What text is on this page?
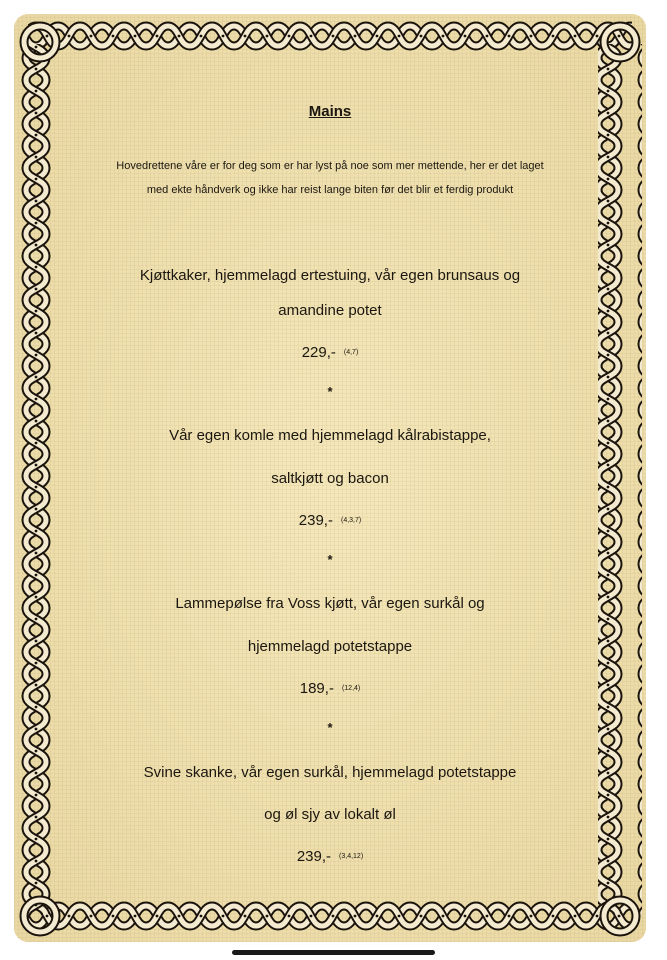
Mains
Hovedrettene våre er for deg som er har lyst på noe som mer mettende, her er det laget
med ekte håndverk og ikke har reist lange biten før det blir et ferdig produkt
Kjøttkaker, hjemmelagd ertestuing, vår egen brunsaus og
amandine potet
229,- (4,7)
*
Vår egen komle med hjemmelagd kålrabistappe,
saltkjøtt og bacon
239,- (4,3,7)
*
Lammepølse fra Voss kjøtt, vår egen surkål og
hjemmelagd potetstappe
189,- (12,4)
*
Svine skanke, vår egen surkål, hjemmelagd potetstappe
og øl sjy av lokalt øl
239,- (3,4,12)
